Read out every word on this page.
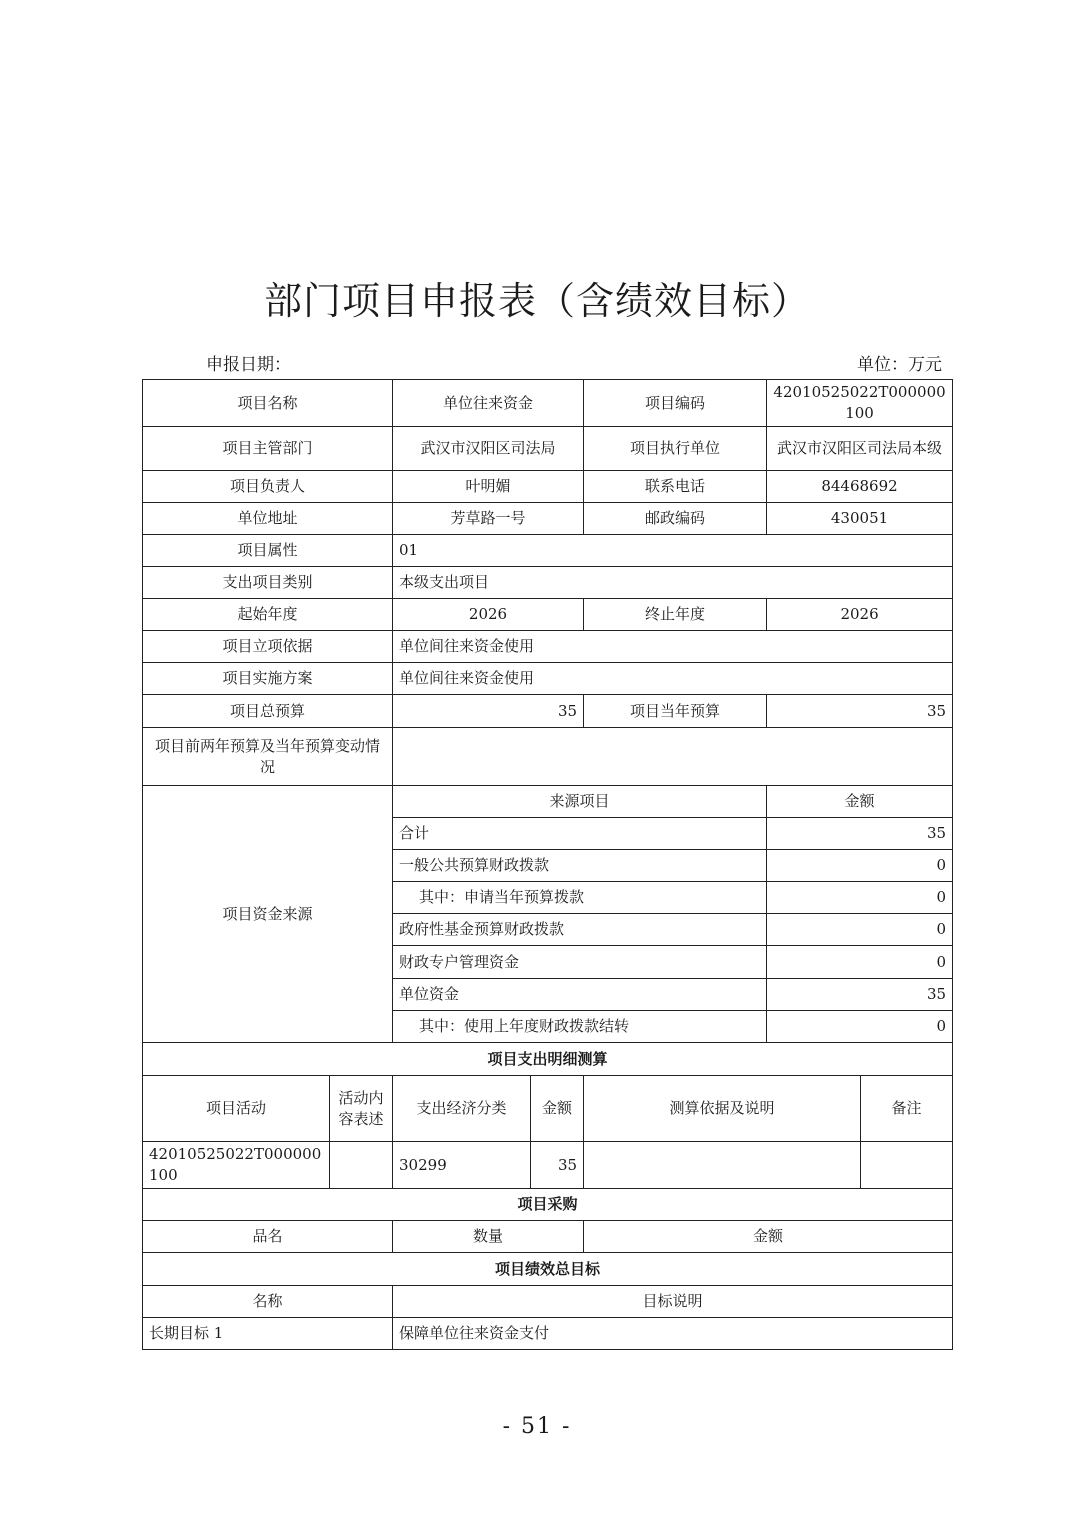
部门项目申报表（含绩效目标）
申报日期：	单位：万元
项目名称		单位往来资金		项目编码	42010525022T000000100	
项目主管部门		武汉市汉阳区司法局		项目执行单位	武汉市汉阳区司法局本级	
项目负责人		叶明媚		联系电话	84468692	
单位地址		芳草路一号		邮政编码	430051	
项目属性		01				
支出项目类别		本级支出项目				
起始年度		2026		终止年度	2026	
项目立项依据		单位间往来资金使用				
项目实施方案		单位间往来资金使用				
项目总预算		35		项目当年预算	35	
项目前两年预算及当年预算变动情况						
项目资金来源		来源项目			金额	
		合计			35	
		一般公共预算财政拨款			0	
		其中：申请当年预算拨款			0	
		政府性基金预算财政拨款			0	
		财政专户管理资金			0	
		单位资金			35	
		其中：使用上年度财政拨款结转			0	
项目支出明细测算						
项目活动	活动内容表述	支出经济分类	金额	测算依据及说明		备注
42010525022T000000100		30299	35			
项目采购						
品名		数量		金额		
项目绩效总目标						
名称		目标说明				
长期目标 1		保障单位往来资金支付				
- 51 -
